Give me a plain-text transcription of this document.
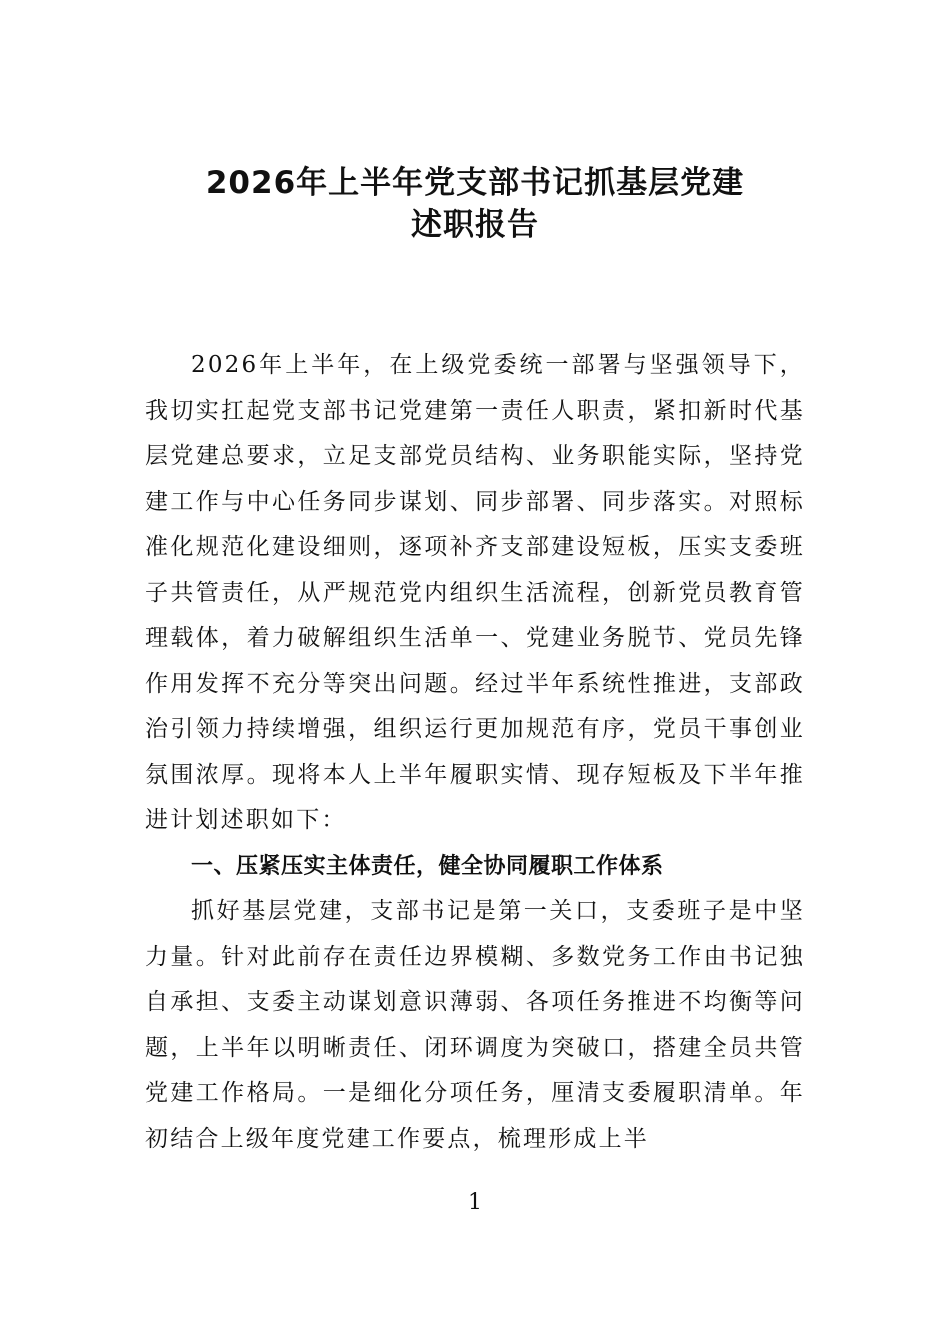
2026年上半年党支部书记抓基层党建
述职报告

2026年上半年，在上级党委统一部署与坚强领导下，我切实扛起党支部书记党建第一责任人职责，紧扣新时代基层党建总要求，立足支部党员结构、业务职能实际，坚持党建工作与中心任务同步谋划、同步部署、同步落实。对照标准化规范化建设细则，逐项补齐支部建设短板，压实支委班子共管责任，从严规范党内组织生活流程，创新党员教育管理载体，着力破解组织生活单一、党建业务脱节、党员先锋作用发挥不充分等突出问题。经过半年系统性推进，支部政治引领力持续增强，组织运行更加规范有序，党员干事创业氛围浓厚。现将本人上半年履职实情、现存短板及下半年推进计划述职如下：

一、压紧压实主体责任，健全协同履职工作体系

抓好基层党建，支部书记是第一关口，支委班子是中坚力量。针对此前存在责任边界模糊、多数党务工作由书记独自承担、支委主动谋划意识薄弱、各项任务推进不均衡等问题，上半年以明晰责任、闭环调度为突破口，搭建全员共管党建工作格局。一是细化分项任务，厘清支委履职清单。年初结合上级年度党建工作要点，梳理形成上半

1
